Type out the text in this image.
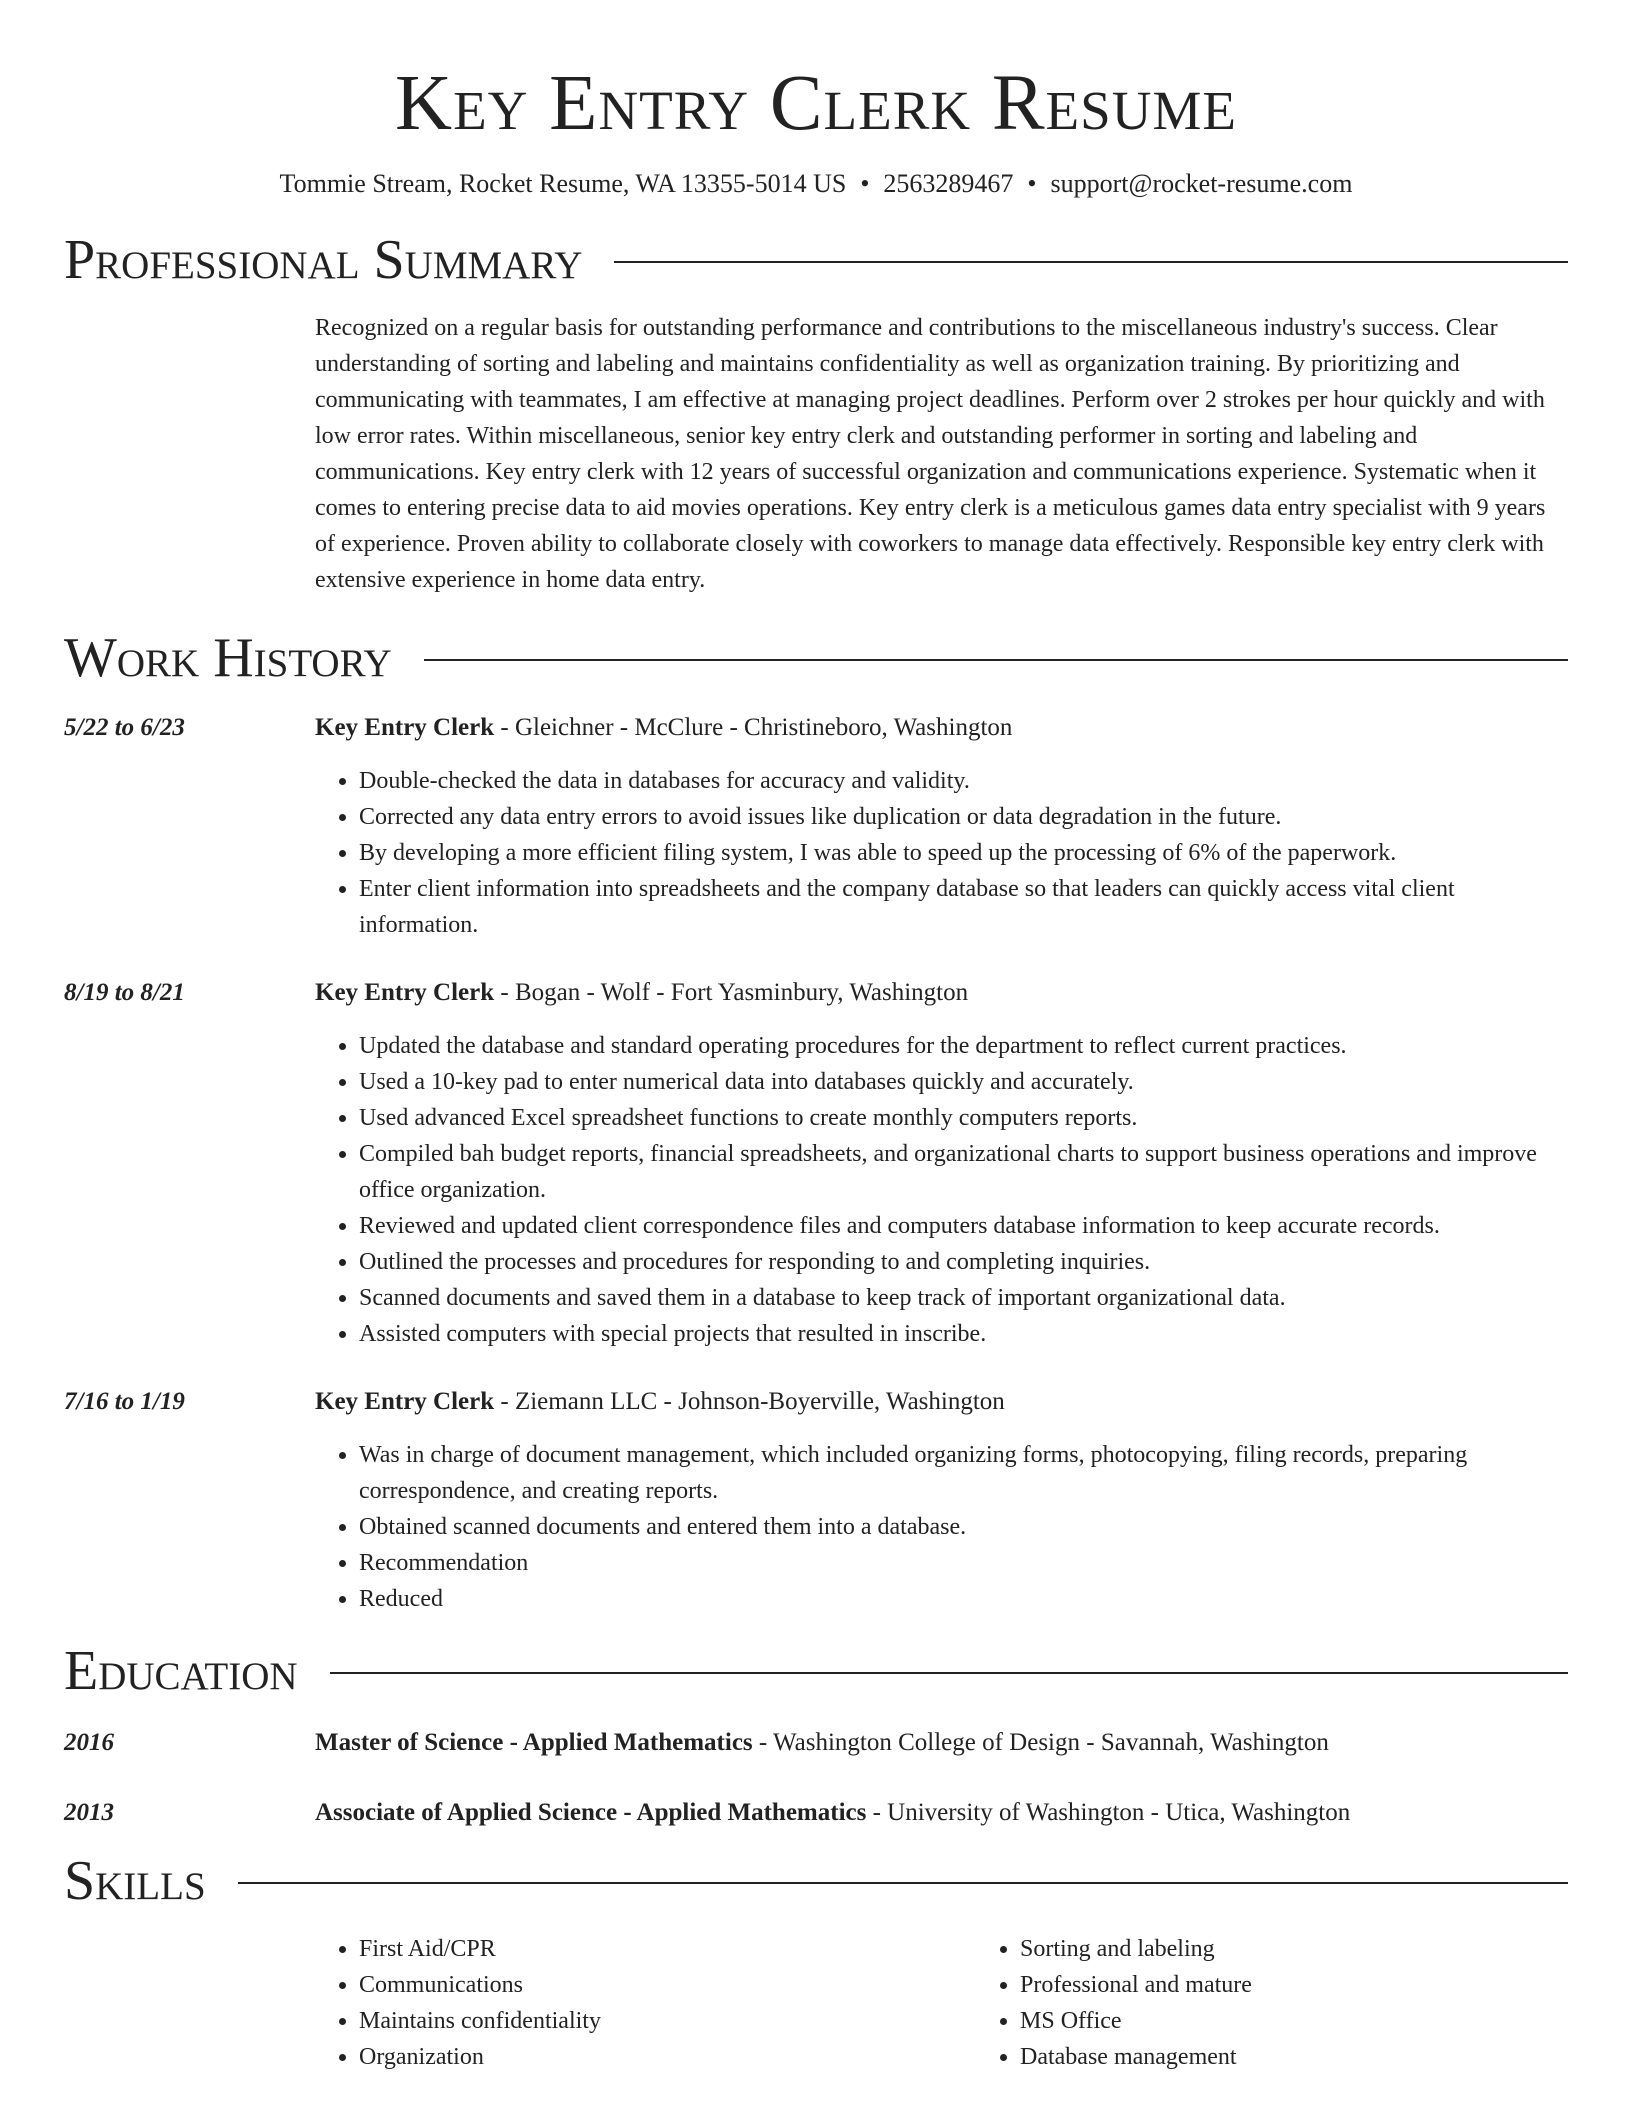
Key Entry Clerk Resume
Tommie Stream, Rocket Resume, WA 13355-5014 US • 2563289467 • support@rocket-resume.com
Professional Summary

Recognized on a regular basis for outstanding performance and contributions to the miscellaneous industry's success. Clear understanding of sorting and labeling and maintains confidentiality as well as organization training. By prioritizing and communicating with teammates, I am effective at managing project deadlines. Perform over 2 strokes per hour quickly and with low error rates. Within miscellaneous, senior key entry clerk and outstanding performer in sorting and labeling and communications. Key entry clerk with 12 years of successful organization and communications experience. Systematic when it comes to entering precise data to aid movies operations. Key entry clerk is a meticulous games data entry specialist with 9 years of experience. Proven ability to collaborate closely with coworkers to manage data effectively. Responsible key entry clerk with extensive experience in home data entry.

Work History
5/22 to 6/23	Key Entry Clerk - Gleichner - McClure - Christineboro, Washington
• Double-checked the data in databases for accuracy and validity.
• Corrected any data entry errors to avoid issues like duplication or data degradation in the future.
• By developing a more efficient filing system, I was able to speed up the processing of 6% of the paperwork.
• Enter client information into spreadsheets and the company database so that leaders can quickly access vital client information.
8/19 to 8/21	Key Entry Clerk - Bogan - Wolf - Fort Yasminbury, Washington
• Updated the database and standard operating procedures for the department to reflect current practices.
• Used a 10-key pad to enter numerical data into databases quickly and accurately.
• Used advanced Excel spreadsheet functions to create monthly computers reports.
• Compiled bah budget reports, financial spreadsheets, and organizational charts to support business operations and improve office organization.
• Reviewed and updated client correspondence files and computers database information to keep accurate records.
• Outlined the processes and procedures for responding to and completing inquiries.
• Scanned documents and saved them in a database to keep track of important organizational data.
• Assisted computers with special projects that resulted in inscribe.
7/16 to 1/19	Key Entry Clerk - Ziemann LLC - Johnson-Boyerville, Washington
• Was in charge of document management, which included organizing forms, photocopying, filing records, preparing correspondence, and creating reports.
• Obtained scanned documents and entered them into a database.
• Recommendation
• Reduced
Education
2016	Master of Science - Applied Mathematics - Washington College of Design - Savannah, Washington
2013	Associate of Applied Science - Applied Mathematics - University of Washington - Utica, Washington
Skills
• First Aid/CPR
• Communications
• Maintains confidentiality
• Organization
• Sorting and labeling
• Professional and mature
• MS Office
• Database management
